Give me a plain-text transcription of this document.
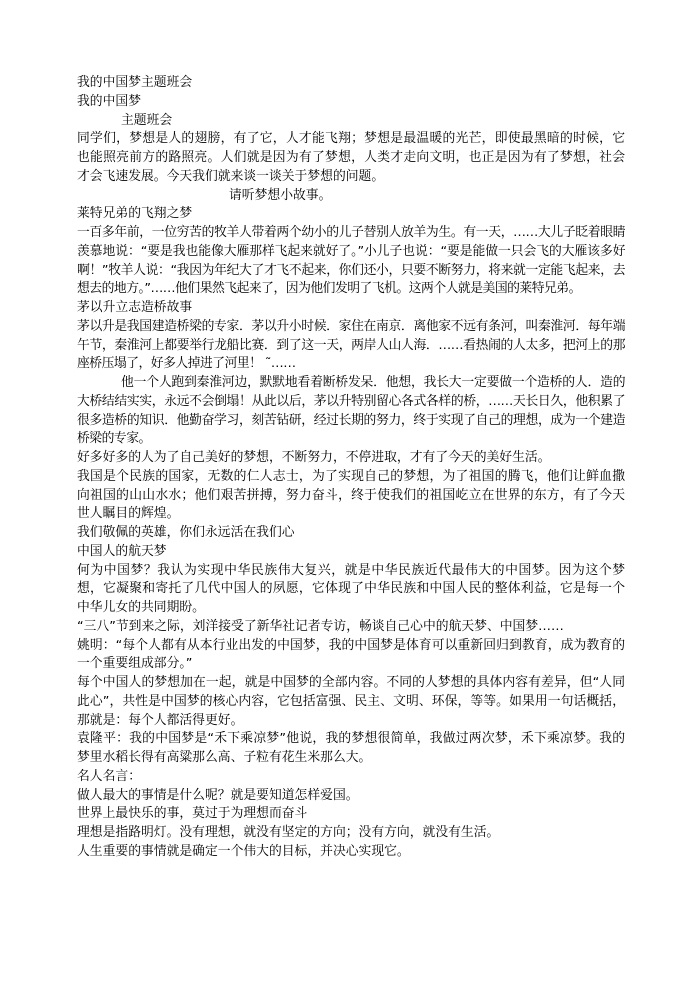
我的中国梦主题班会

我的中国梦

主题班会

同学们，梦想是人的翅膀，有了它，人才能飞翔；梦想是最温暖的光芒，即使最黑暗的时候，它也能照亮前方的路照亮。人们就是因为有了梦想，人类才走向文明，也正是因为有了梦想，社会才会飞速发展。今天我们就来谈一谈关于梦想的问题。

请听梦想小故事。

莱特兄弟的飞翔之梦

一百多年前，一位穷苦的牧羊人带着两个幼小的儿子替别人放羊为生。有一天，……大儿子眨着眼睛羡慕地说：“要是我也能像大雁那样飞起来就好了。”小儿子也说：“要是能做一只会飞的大雁该多好啊！”牧羊人说：“我因为年纪大了才飞不起来，你们还小，只要不断努力，将来就一定能飞起来，去想去的地方。”……他们果然飞起来了，因为他们发明了飞机。这两个人就是美国的莱特兄弟。

茅以升立志造桥故事

茅以升是我国建造桥梁的专家．茅以升小时候．家住在南京．离他家不远有条河，叫秦淮河．每年端午节，秦淮河上都要举行龙船比赛．到了这一天，两岸人山人海．……看热闹的人太多，把河上的那座桥压塌了，好多人掉进了河里！ ˜……

他一个人跑到秦淮河边，默默地看着断桥发呆．他想，我长大一定要做一个造桥的人．造的大桥结结实实，永远不会倒塌！从此以后，茅以升特别留心各式各样的桥，……天长日久，他积累了很多造桥的知识．他勤奋学习，刻苦钻研，经过长期的努力，终于实现了自己的理想，成为一个建造桥梁的专家。

好多好多的人为了自己美好的梦想，不断努力，不停进取，才有了今天的美好生活。

我国是个民族的国家，无数的仁人志士，为了实现自己的梦想，为了祖国的腾飞，他们让鲜血撒向祖国的山山水水；他们艰苦拼搏，努力奋斗，终于使我们的祖国屹立在世界的东方，有了今天世人瞩目的辉煌。

我们敬佩的英雄，你们永远活在我们心

中国人的航天梦

何为中国梦？我认为实现中华民族伟大复兴，就是中华民族近代最伟大的中国梦。因为这个梦想，它凝聚和寄托了几代中国人的夙愿，它体现了中华民族和中国人民的整体利益，它是每一个中华儿女的共同期盼。

“三八”节到来之际，刘洋接受了新华社记者专访，畅谈自己心中的航天梦、中国梦……

姚明：“每个人都有从本行业出发的中国梦，我的中国梦是体育可以重新回归到教育，成为教育的一个重要组成部分。”

每个中国人的梦想加在一起，就是中国梦的全部内容。不同的人梦想的具体内容有差异，但“人同此心”，共性是中国梦的核心内容，它包括富强、民主、文明、环保，等等。如果用一句话概括，那就是：每个人都活得更好。

袁隆平：我的中国梦是“禾下乘凉梦”他说，我的梦想很简单，我做过两次梦，禾下乘凉梦。我的梦里水稻长得有高粱那么高、子粒有花生米那么大。

名人名言：

做人最大的事情是什么呢？就是要知道怎样爱国。

世界上最快乐的事，莫过于为理想而奋斗

理想是指路明灯。没有理想，就没有坚定的方向；没有方向，就没有生活。

人生重要的事情就是确定一个伟大的目标，并决心实现它。
